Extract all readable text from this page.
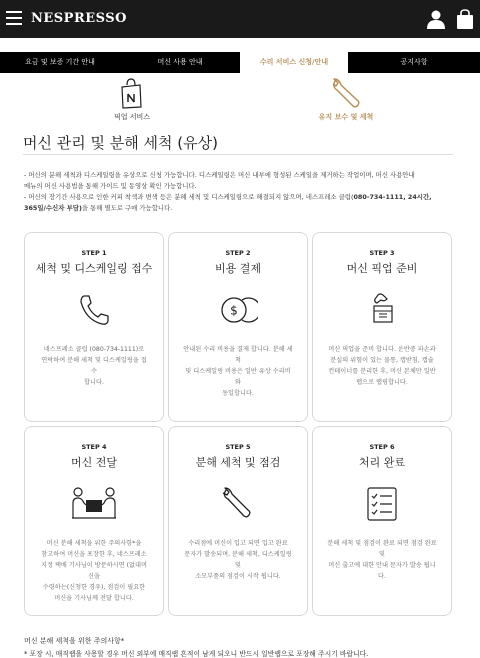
NESPRESSO
요금 및 보증 기간 안내	머신 사용 안내	수리 서비스 신청/안내	공지사항
픽업 서비스	유지 보수 및 세척
머신 관리 및 분해 세척 (유상)

- 머신의 분해 세척과 디스케일링을 유상으로 신청 가능합니다. 디스케일링은 머신 내부에 형성된 스케일을 제거하는 작업이며, 머신 사용안내

메뉴의 머신 사용법을 통해 가이드 및 동영상 확인 가능합니다.

- 머신의 장기간 사용으로 인한 커피 착색과 변색 등은 분해 세척 및 디스케일링으로 해결되지 않으며, 네스프레소 클럽(080-734-1111, 24시간,

365일/수신자 부담)을 통해 별도로 구매 가능합니다.

STEP 1
세척 및 디스케일링 접수
네스프레소 클럽 (080-734-1111)로
연락하여 분해 세척 및 디스케일링을 접수
합니다.
STEP 2
비용 결제
$
안내된 수리 비용을 결제 합니다. 분해 세척
및 디스케일링 비용은 일반 유상 수리비와
동일합니다.
STEP 3
머신 픽업 준비
머신 픽업을 준비 합니다. 운반중 파손과
분실의 위험이 있는 물통, 캡받침, 캡슐
컨테이너를 분리한 후, 머신 본체만 일반
랩으로 랩핑합니다.
STEP 4
머신 전달
머신 분해 세척을 위한 주의사항*을
참고하여 머신을 포장한 후, 네스프레소
지정 택배 기사님이 방문하시면 (없대머신을
수령하는(신청한 경우), 점검이 필요한
머신을 기사님께 전달 합니다.
STEP 5
분해 세척 및 점검
수리점에 머신이 입고 되면 입고 완료
문자가 발송되며, 분해 세척, 디스케일링 및
소모부품의 점검이 시작 됩니다.
STEP 6
처리 완료
분해 세척 및 점검이 완료 되면 점검 완료 및
머신 출고에 대한 안내 문자가 발송 됩니다.
머신 분해 세척을 위한 주의사항*
* 포장 시, 매직랩을 사용할 경우 머신 외부에 매직랩 흔적이 남게 되오니 반드시 일반랩으로 포장해 주시기 바랍니다.
